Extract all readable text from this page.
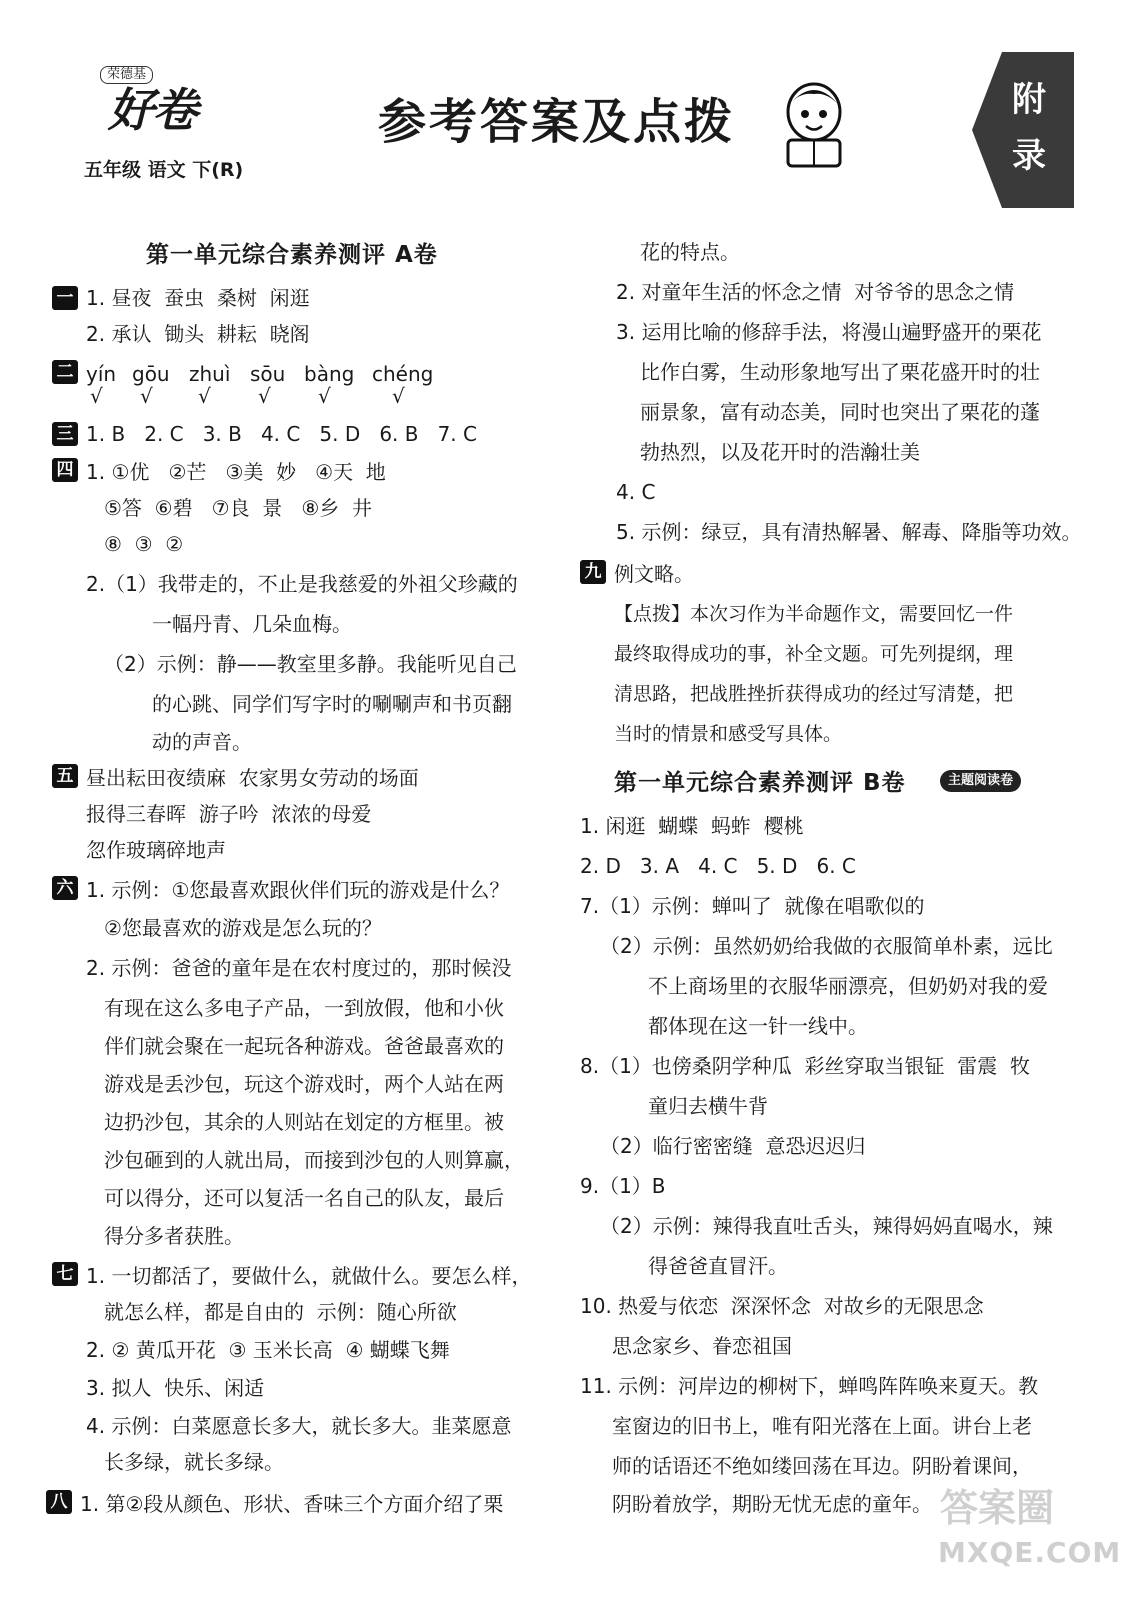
荣德基
好卷
五年级 语文 下(R)
参考答案及点拨	附
录
第一单元综合素养测评 A卷
一 1. 昼夜  蚕虫  桑树  闲逛
2. 承认  锄头  耕耘  晓阁
二 yín gōu zhuì sōu bàng chéng
√ √ √ √ √	√
三 1. B   2. C   3. B   4. C   5. D   6. B   7. C
四 1. ①优   ②芒   ③美  妙   ④天  地
⑤答  ⑥碧   ⑦良  景   ⑧乡  井
⑧  ③  ②
2.（1）我带走的，不止是我慈爱的外祖父珍藏的
一幅丹青、几朵血梅。
（2）示例：静——教室里多静。我能听见自己
的心跳、同学们写字时的唰唰声和书页翻
动的声音。
五 昼出耘田夜绩麻  农家男女劳动的场面
报得三春晖  游子吟  浓浓的母爱
忽作玻璃碎地声
六 1. 示例：①您最喜欢跟伙伴们玩的游戏是什么？
②您最喜欢的游戏是怎么玩的？
2. 示例：爸爸的童年是在农村度过的，那时候没
有现在这么多电子产品，一到放假，他和小伙
伴们就会聚在一起玩各种游戏。爸爸最喜欢的
游戏是丢沙包，玩这个游戏时，两个人站在两
边扔沙包，其余的人则站在划定的方框里。被
沙包砸到的人就出局，而接到沙包的人则算赢，
可以得分，还可以复活一名自己的队友，最后
得分多者获胜。
七 1. 一切都活了，要做什么，就做什么。要怎么样，
就怎么样，都是自由的  示例：随心所欲
2. ② 黄瓜开花  ③ 玉米长高  ④ 蝴蝶飞舞
3. 拟人  快乐、闲适
4. 示例：白菜愿意长多大，就长多大。韭菜愿意
长多绿，就长多绿。
八 1. 第②段从颜色、形状、香味三个方面介绍了栗
花的特点。
2. 对童年生活的怀念之情  对爷爷的思念之情
3. 运用比喻的修辞手法，将漫山遍野盛开的栗花
比作白雾，生动形象地写出了栗花盛开时的壮
丽景象，富有动态美，同时也突出了栗花的蓬
勃热烈，以及花开时的浩瀚壮美
4. C
5. 示例：绿豆，具有清热解暑、解毒、降脂等功效。
九 例文略。
【点拨】本次习作为半命题作文，需要回忆一件
最终取得成功的事，补全文题。可先列提纲，理
清思路，把战胜挫折获得成功的经过写清楚，把
当时的情景和感受写具体。
第一单元综合素养测评 B卷	主题阅读卷
1. 闲逛  蝴蝶  蚂蚱  樱桃
2. D   3. A   4. C   5. D   6. C
7.（1）示例：蝉叫了  就像在唱歌似的
（2）示例：虽然奶奶给我做的衣服简单朴素，远比
不上商场里的衣服华丽漂亮，但奶奶对我的爱
都体现在这一针一线中。
8.（1）也傍桑阴学种瓜  彩丝穿取当银钲  雷震  牧
童归去横牛背
（2）临行密密缝  意恐迟迟归
9.（1）B
（2）示例：辣得我直吐舌头，辣得妈妈直喝水，辣
得爸爸直冒汗。
10. 热爱与依恋  深深怀念  对故乡的无限思念
思念家乡、眷恋祖国
11. 示例：河岸边的柳树下，蝉鸣阵阵唤来夏天。教
室窗边的旧书上，唯有阳光落在上面。讲台上老
师的话语还不绝如缕回荡在耳边。阴盼着课间，
阴盼着放学，期盼无忧无虑的童年。 答案圈
MXQE.COM
